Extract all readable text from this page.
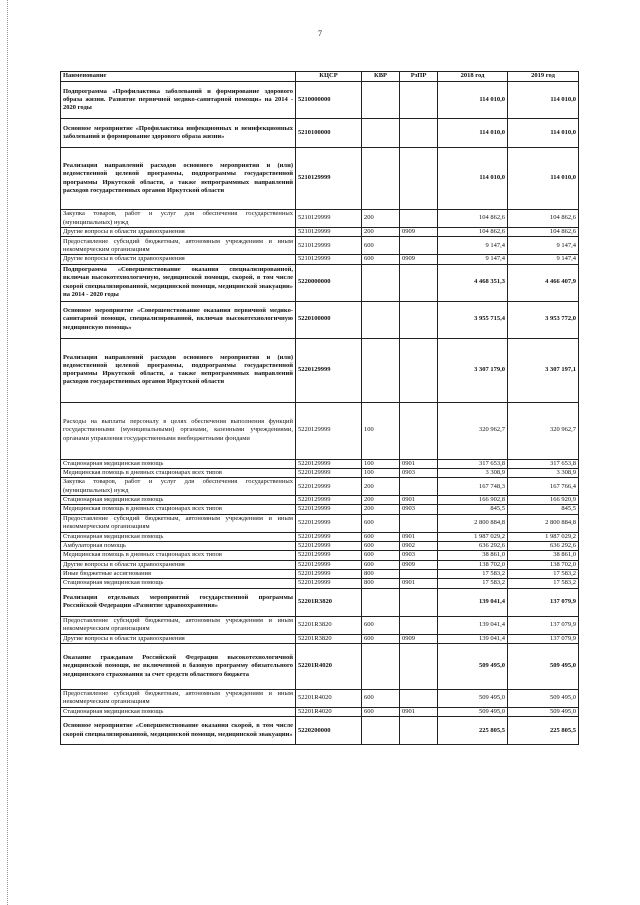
7
Наименование	КЦСР	КВР	РзПР	2018 год	2019 год
Подпрограмма «Профилактика заболеваний и формирование здорового образа жизни. Развитие первичной медико-санитарной помощи» на 2014 - 2020 годы	5210000000			114 010,0	114 010,0
Основное мероприятие «Профилактика инфекционных и неинфекционных заболеваний и формирование здорового образа жизни»	5210100000			114 010,0	114 010,0
Реализация направлений расходов основного мероприятия и (или) ведомственной целевой программы, подпрограммы государственной программы Иркутской области, а также непрограммных направлений расходов государственных органов Иркутской области	5210129999			114 010,0	114 010,0
Закупка товаров, работ и услуг для обеспечения государственных (муниципальных) нужд	5210129999	200		104 862,6	104 862,6
Другие вопросы в области здравоохранения	5210129999	200	0909	104 862,6	104 862,6
Предоставление субсидий бюджетным, автономным учреждениям и иным некоммерческим организациям	5210129999	600		9 147,4	9 147,4
Другие вопросы в области здравоохранения	5210129999	600	0909	9 147,4	9 147,4
Подпрограмма «Совершенствование оказания специализированной, включая высокотехнологичную, медицинской помощи, скорой, в том числе скорой специализированной, медицинской помощи, медицинской эвакуации» на 2014 - 2020 годы	5220000000			4 468 351,3	4 466 407,9
Основное мероприятие «Совершенствование оказания первичной медико-санитарной помощи, специализированной, включая высокотехнологичную медицинскую помощь»	5220100000			3 955 715,4	3 953 772,0
Реализация направлений расходов основного мероприятия и (или) ведомственной целевой программы, подпрограммы государственной программы Иркутской области, а также непрограммных направлений расходов государственных органов Иркутской области	5220129999			3 307 179,0	3 307 197,1
Расходы на выплаты персоналу в целях обеспечения выполнения функций государственными (муниципальными) органами, казенными учреждениями, органами управления государственными внебюджетными фондами	5220129999	100		320 962,7	320 962,7
Стационарная медицинская помощь	5220129999	100	0901	317 653,8	317 653,8
Медицинская помощь в дневных стационарах всех типов	5220129999	100	0903	3 308,9	3 308,9
Закупка товаров, работ и услуг для обеспечения государственных (муниципальных) нужд	5220129999	200		167 748,3	167 766,4
Стационарная медицинская помощь	5220129999	200	0901	166 902,8	166 920,9
Медицинская помощь в дневных стационарах всех типов	5220129999	200	0903	845,5	845,5
Предоставление субсидий бюджетным, автономным учреждениям и иным некоммерческим организациям	5220129999	600		2 800 884,8	2 800 884,8
Стационарная медицинская помощь	5220129999	600	0901	1 987 029,2	1 987 029,2
Амбулаторная помощь	5220129999	600	0902	636 292,6	636 292,6
Медицинская помощь в дневных стационарах всех типов	5220129999	600	0903	38 861,0	38 861,0
Другие вопросы в области здравоохранения	5220129999	600	0909	138 702,0	138 702,0
Иные бюджетные ассигнования	5220129999	800		17 583,2	17 583,2
Стационарная медицинская помощь	5220129999	800	0901	17 583,2	17 583,2
Реализация отдельных мероприятий государственной программы Российской Федерации «Развитие здравоохранения»	52201R3820			139 041,4	137 079,9
Предоставление субсидий бюджетным, автономным учреждениям и иным некоммерческим организациям	52201R3820	600		139 041,4	137 079,9
Другие вопросы в области здравоохранения	52201R3820	600	0909	139 041,4	137 079,9
Оказание гражданам Российской Федерации высокотехнологичной медицинской помощи, не включенной в базовую программу обязательного медицинского страхования за счет средств областного бюджета	52201R4020			509 495,0	509 495,0
Предоставление субсидий бюджетным, автономным учреждениям и иным некоммерческим организациям	52201R4020	600		509 495,0	509 495,0
Стационарная медицинская помощь	52201R4020	600	0901	509 495,0	509 495,0
Основное мероприятие «Совершенствование оказания скорой, в том числе скорой специализированной, медицинской помощи, медицинской эвакуации»	5220200000			225 805,5	225 805,5
